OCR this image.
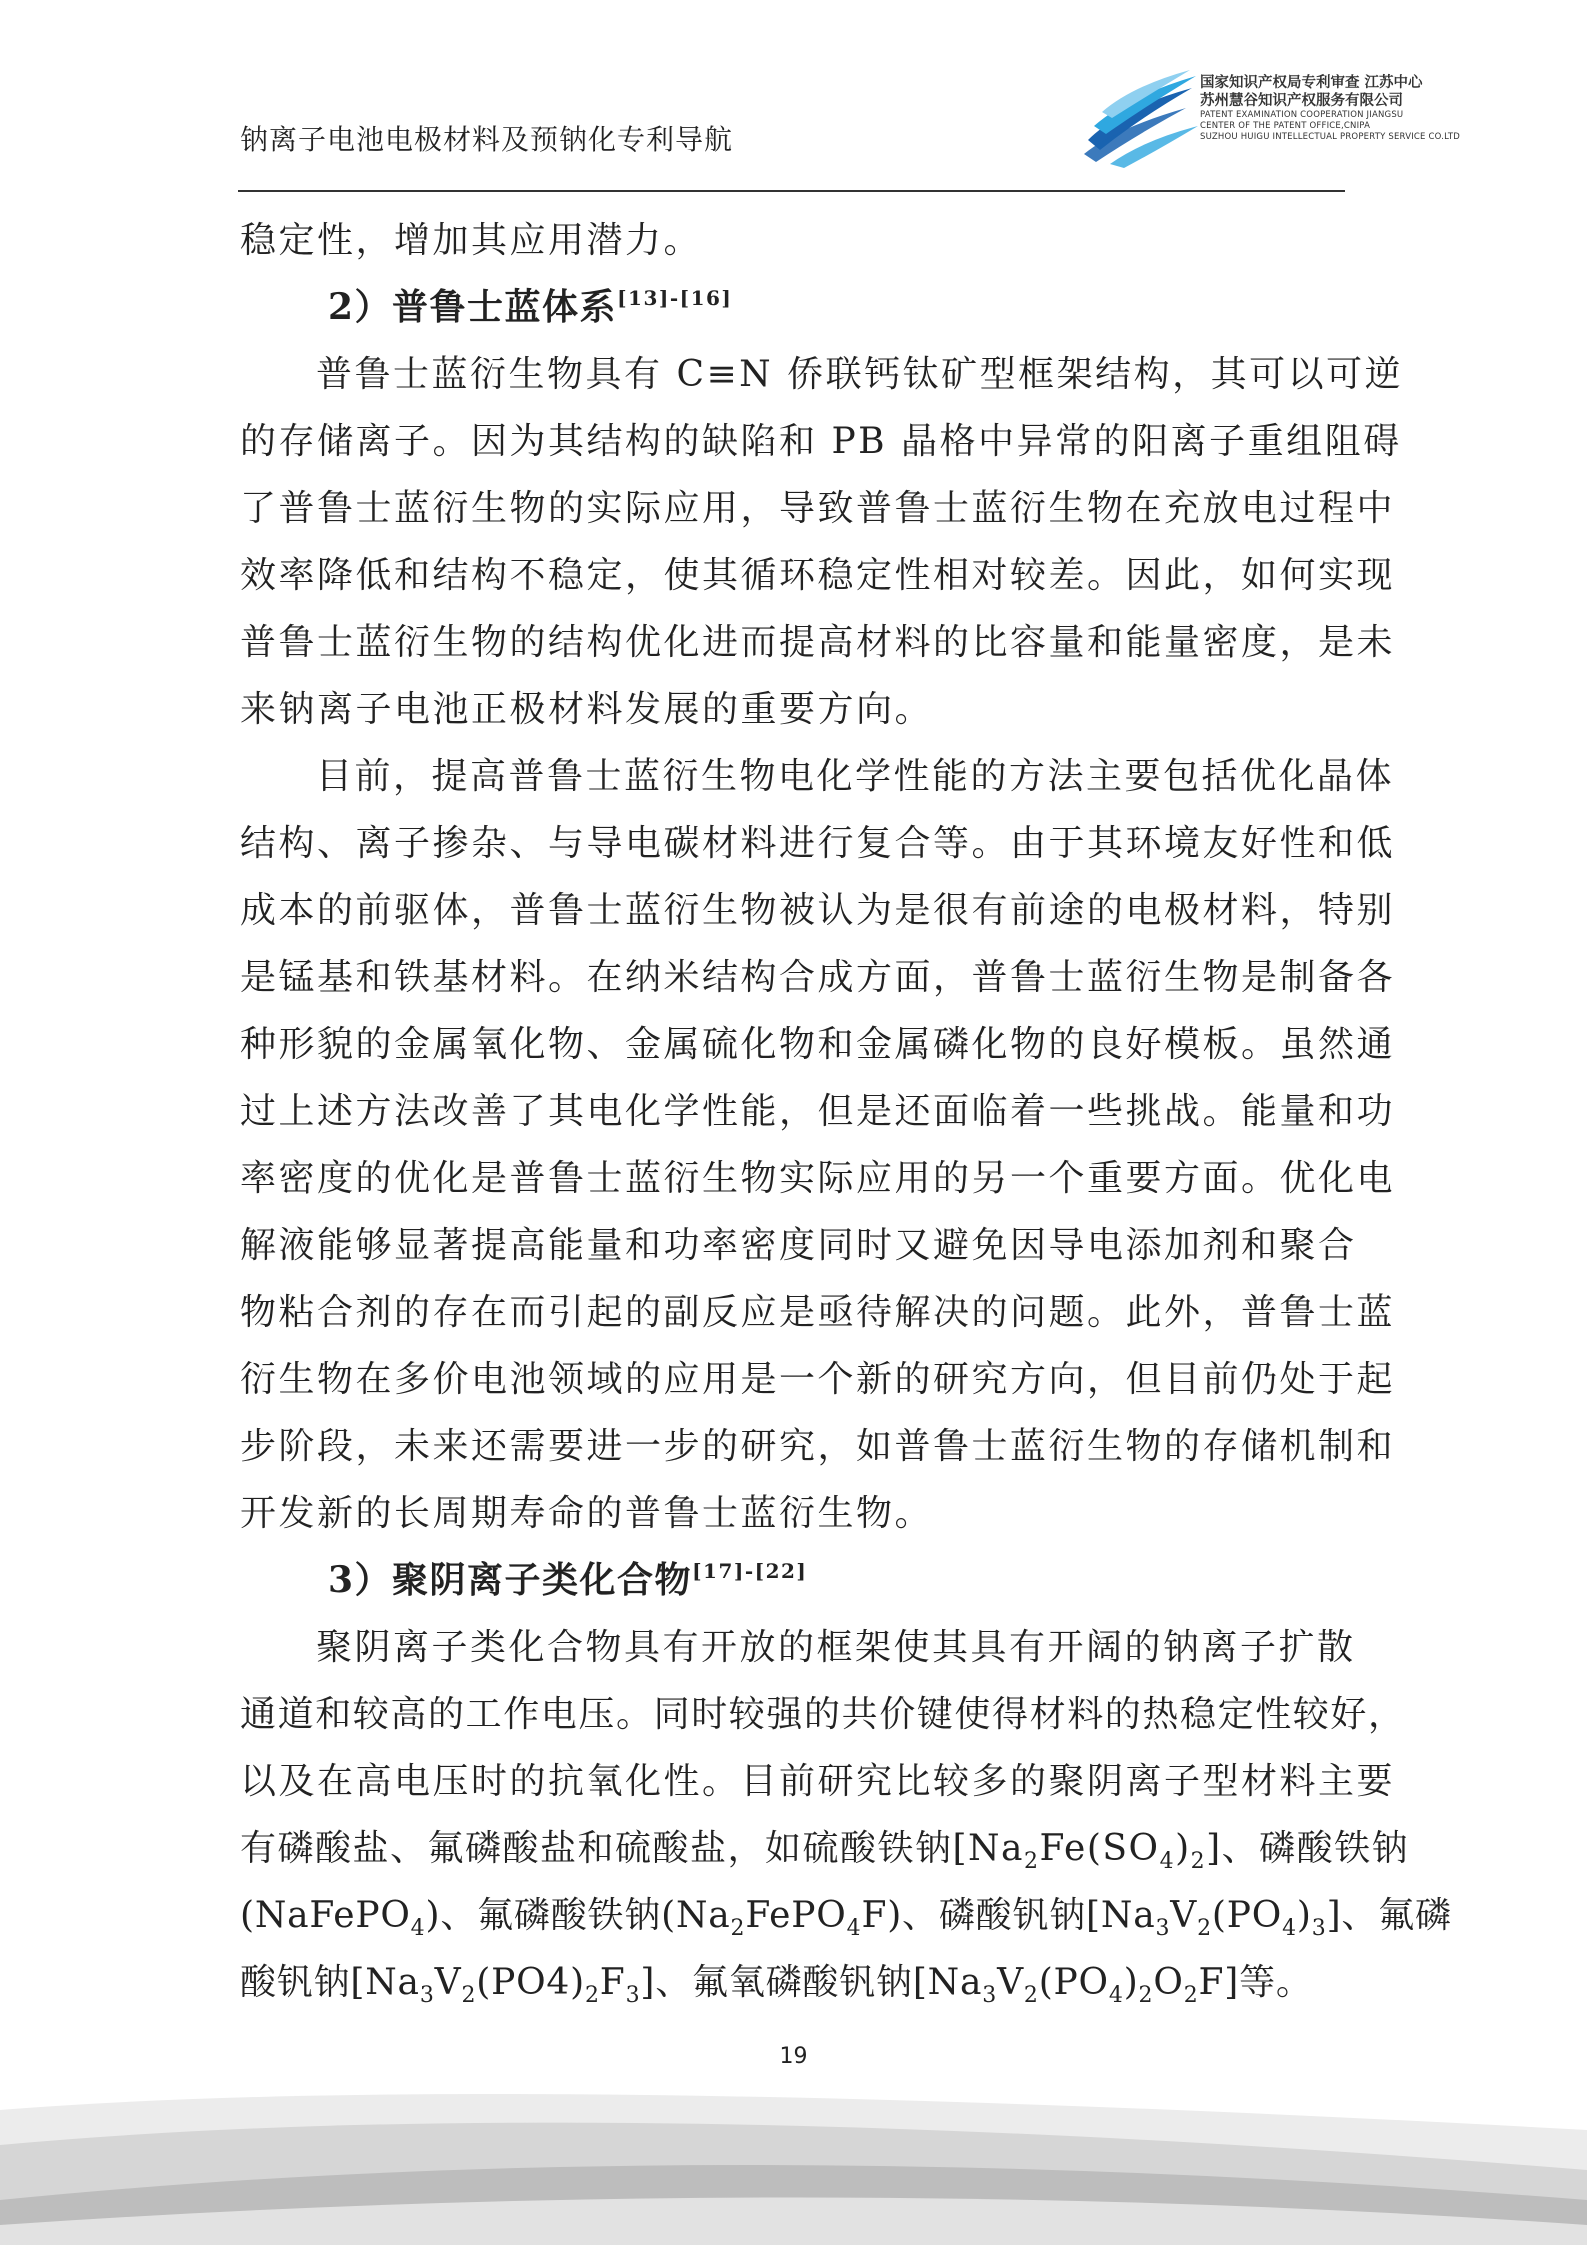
钠离子电池电极材料及预钠化专利导航
国家知识产权局专利审查 江苏中心
苏州慧谷知识产权服务有限公司
PATENT EXAMINATION COOPERATION JIANGSU
CENTER OF THE PATENT OFFICE,CNIPA
SUZHOU HUIGU INTELLECTUAL PROPERTY SERVICE CO.LTD
稳定性，增加其应用潜力。
2）普鲁士蓝体系[13]-[16]
普鲁士蓝衍生物具有 C≡N 侨联钙钛矿型框架结构，其可以可逆
的存储离子。因为其结构的缺陷和 PB 晶格中异常的阳离子重组阻碍
了普鲁士蓝衍生物的实际应用，导致普鲁士蓝衍生物在充放电过程中
效率降低和结构不稳定，使其循环稳定性相对较差。因此，如何实现
普鲁士蓝衍生物的结构优化进而提高材料的比容量和能量密度，是未
来钠离子电池正极材料发展的重要方向。
目前，提高普鲁士蓝衍生物电化学性能的方法主要包括优化晶体
结构、离子掺杂、与导电碳材料进行复合等。由于其环境友好性和低
成本的前驱体，普鲁士蓝衍生物被认为是很有前途的电极材料，特别
是锰基和铁基材料。在纳米结构合成方面，普鲁士蓝衍生物是制备各
种形貌的金属氧化物、金属硫化物和金属磷化物的良好模板。虽然通
过上述方法改善了其电化学性能，但是还面临着一些挑战。能量和功
率密度的优化是普鲁士蓝衍生物实际应用的另一个重要方面。优化电
解液能够显著提高能量和功率密度同时又避免因导电添加剂和聚合
物粘合剂的存在而引起的副反应是亟待解决的问题。此外，普鲁士蓝
衍生物在多价电池领域的应用是一个新的研究方向，但目前仍处于起
步阶段，未来还需要进一步的研究，如普鲁士蓝衍生物的存储机制和
开发新的长周期寿命的普鲁士蓝衍生物。
3）聚阴离子类化合物[17]-[22]
聚阴离子类化合物具有开放的框架使其具有开阔的钠离子扩散
通道和较高的工作电压。同时较强的共价键使得材料的热稳定性较好，
以及在高电压时的抗氧化性。目前研究比较多的聚阴离子型材料主要
有磷酸盐、氟磷酸盐和硫酸盐，如硫酸铁钠$[Na_2Fe(SO_4)_2]$、磷酸铁钠
(NaFePO$_4$)、氟磷酸铁钠$(Na_2FePO_4F)$、磷酸钒钠$[Na_3V_2(PO_4)_3]$、氟磷
酸钒钠$[Na_3V_2(PO4)_2F_3]$、氟氧磷酸钒钠$[Na_3V_2(PO_4)_2O_2F]$等。
19
